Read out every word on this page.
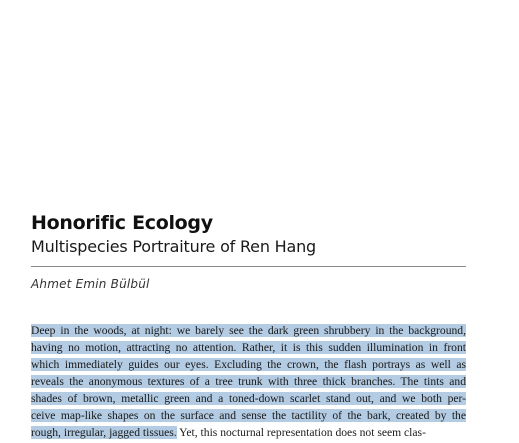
Honorific Ecology
Multispecies Portraiture of Ren Hang
Ahmet Emin Bülbül
Deep in the woods, at night: we barely see the dark green shrubbery in the background,
having no motion, attracting no attention. Rather, it is this sudden illumination in front
which immediately guides our eyes. Excluding the crown, the flash portrays as well as
reveals the anonymous textures of a tree trunk with three thick branches. The tints and
shades of brown, metallic green and a toned-down scarlet stand out, and we both per-
ceive map-like shapes on the surface and sense the tactility of the bark, created by the
rough, irregular, jagged tissues. Yet, this nocturnal representation does not seem clas-
